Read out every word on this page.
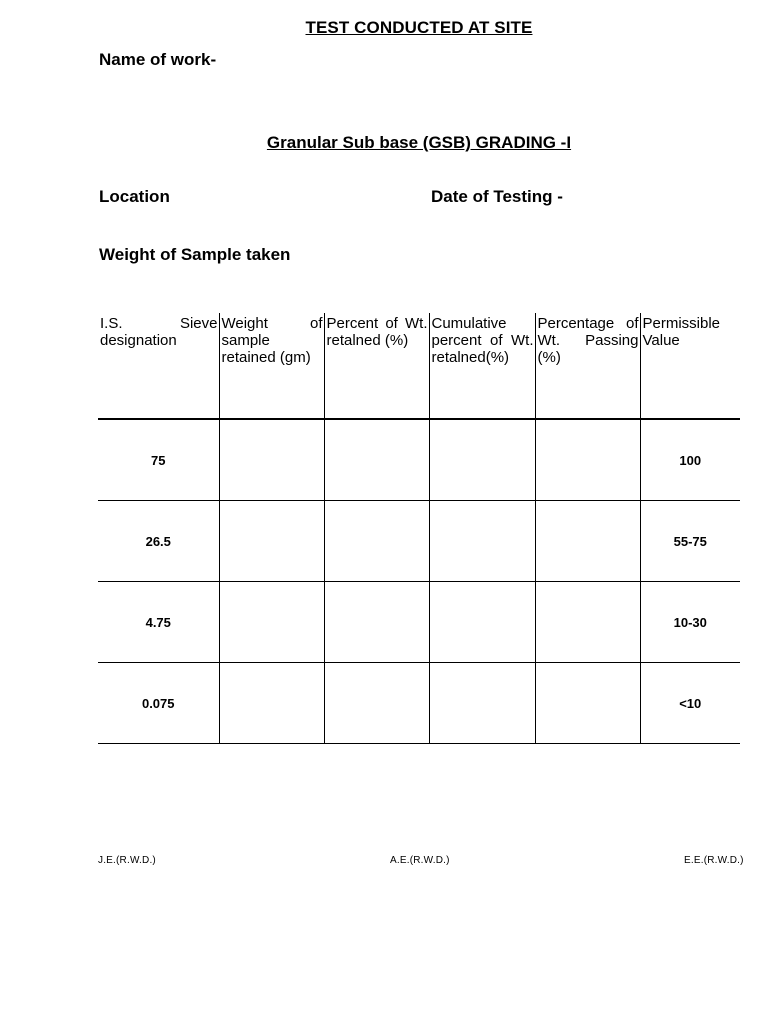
TEST CONDUCTED AT SITE
Name of work-
Granular Sub base (GSB) GRADING -I
Location	Date of Testing -
Weight of Sample taken
I.S. Sieve designation	Weight of sample retained (gm)	Percent of Wt. retalned (%)	Cumulative percent of Wt. retalned(%)	Percentage of Wt. Passing (%)	Permissible Value
75					100
26.5					55-75
4.75					10-30
0.075					<10
J.E.(R.W.D.)	A.E.(R.W.D.)	E.E.(R.W.D.)
